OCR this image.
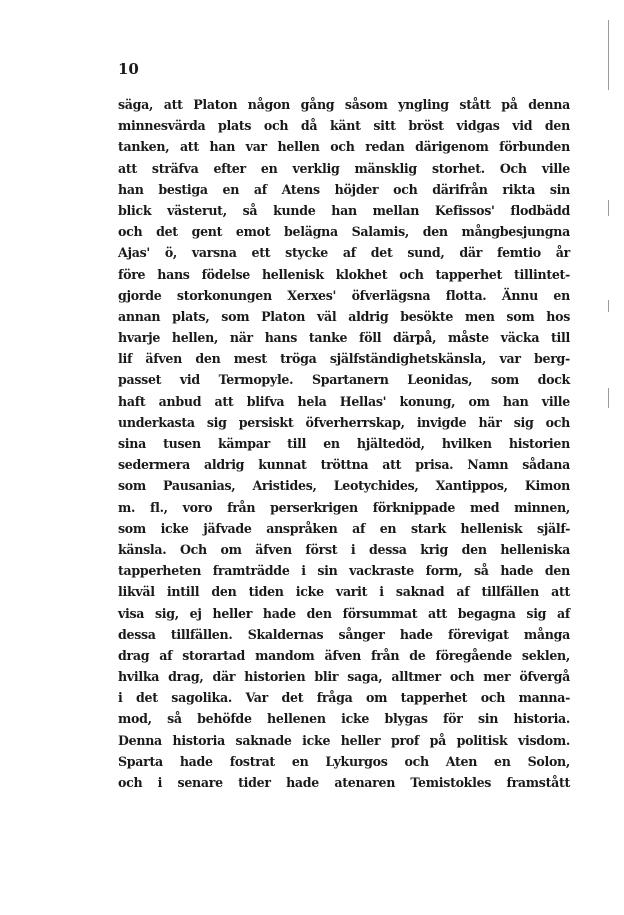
10
säga, att Platon någon gång såsom yngling stått på denna
minnesvärda plats och då känt sitt bröst vidgas vid den
tanken, att han var hellen och redan därigenom förbunden
att sträfva efter en verklig mänsklig storhet. Och ville
han bestiga en af Atens höjder och därifrån rikta sin
blick västerut, så kunde han mellan Kefissos' flodbädd
och det gent emot belägna Salamis, den mångbesjungna
Ajas' ö, varsna ett stycke af det sund, där femtio år
före hans födelse hellenisk klokhet och tapperhet tillintet-
gjorde storkonungen Xerxes' öfverlägsna flotta. Ännu en
annan plats, som Platon väl aldrig besökte men som hos
hvarje hellen, när hans tanke föll därpå, måste väcka till
lif äfven den mest tröga själfständighetskänsla, var berg-
passet vid Termopyle. Spartanern Leonidas, som dock
haft anbud att blifva hela Hellas' konung, om han ville
underkasta sig persiskt öfverherrskap, invigde här sig och
sina tusen kämpar till en hjältedöd, hvilken historien
sedermera aldrig kunnat tröttna att prisa. Namn sådana
som Pausanias, Aristides, Leotychides, Xantippos, Kimon
m. fl., voro från perserkrigen förknippade med minnen,
som icke jäfvade anspråken af en stark hellenisk själf-
känsla. Och om äfven först i dessa krig den helleniska
tapperheten framträdde i sin vackraste form, så hade den
likväl intill den tiden icke varit i saknad af tillfällen att
visa sig, ej heller hade den försummat att begagna sig af
dessa tillfällen. Skaldernas sånger hade förevigat många
drag af storartad mandom äfven från de föregående seklen,
hvilka drag, där historien blir saga, alltmer och mer öfvergå
i det sagolika. Var det fråga om tapperhet och manna-
mod, så behöfde hellenen icke blygas för sin historia.
Denna historia saknade icke heller prof på politisk visdom.
Sparta hade fostrat en Lykurgos och Aten en Solon,
och i senare tider hade atenaren Temistokles framstått
